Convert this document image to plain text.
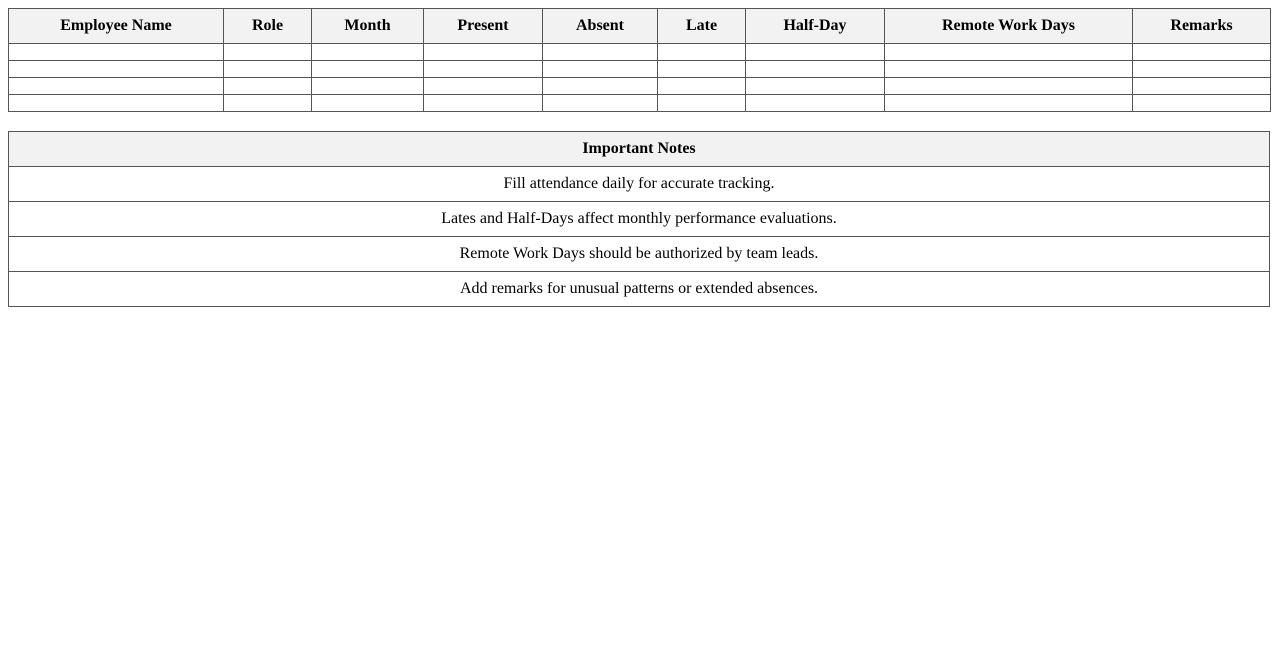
Employee Name	Role	Month	Present	Absent	Late	Half-Day	Remote Work Days	Remarks

Important Notes
Fill attendance daily for accurate tracking.
Lates and Half-Days affect monthly performance evaluations.
Remote Work Days should be authorized by team leads.
Add remarks for unusual patterns or extended absences.
